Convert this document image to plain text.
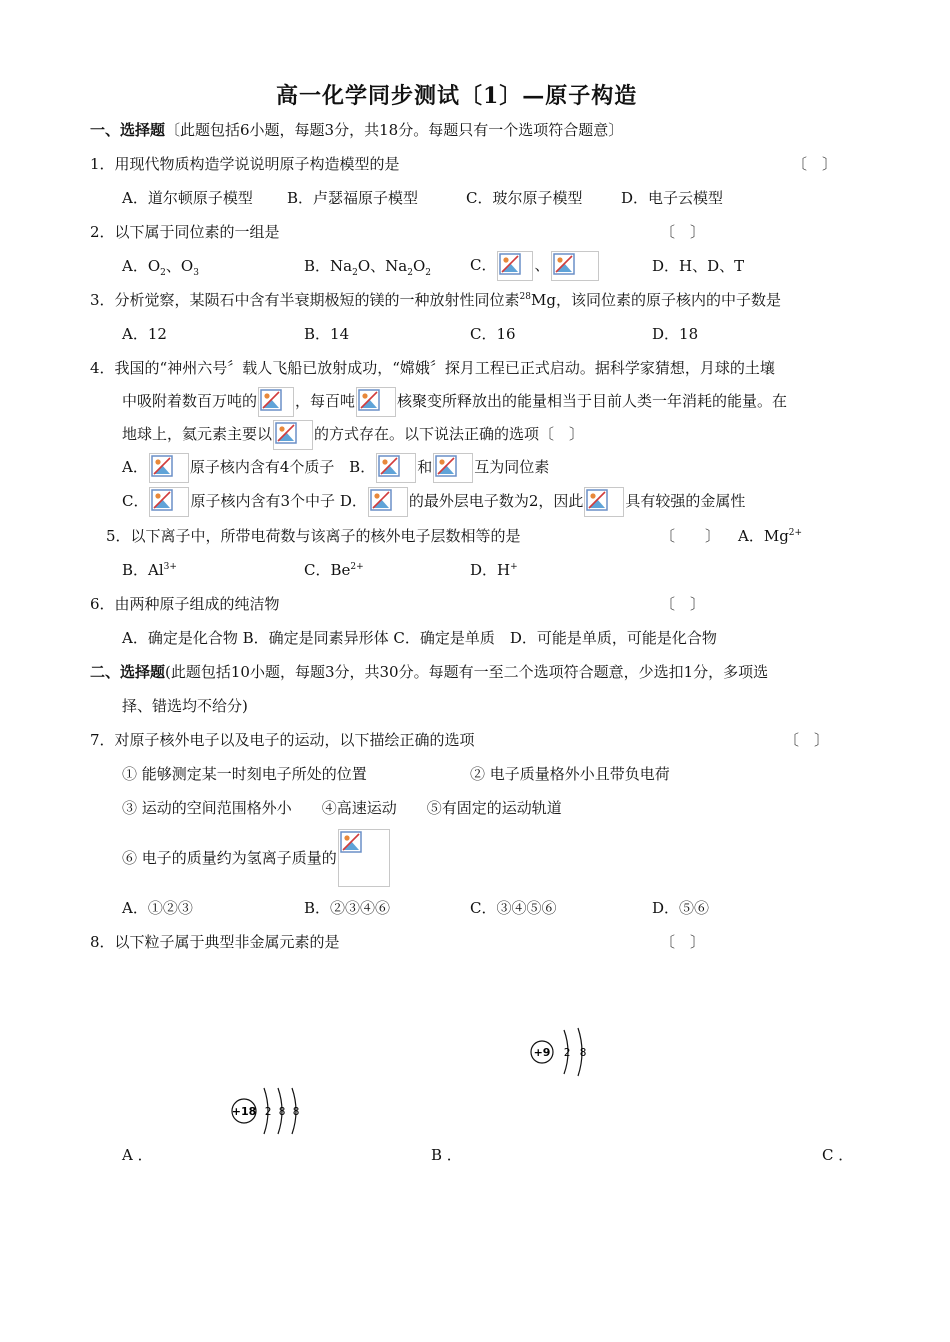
高一化学同步测试〔1〕—原子构造
一、选择题〔此题包括6小题，每题3分，共18分。每题只有一个选项符合题意〕
1．用现代物质构造学说说明原子构造模型的是	〔　〕
A．道尔顿原子模型 B．卢瑟福原子模型	C．玻尔原子模型	D．电子云模型
2．以下属于同位素的一组是	〔　〕
A．$O_2$、$O_3$	B．$Na_2O$、$Na_2O_2$	C．	、	D．H、D、T
3．分析觉察，某陨石中含有半衰期极短的镁的一种放射性同位素$^{28}$Mg，该同位素的原子核内的中子数是
A．12	B．14	C．16	D．18
4．我国的“神州六号〞载人飞船已放射成功，“嫦娥〞探月工程已正式启动。据科学家猜想，月球的土壤
中吸附着数百万吨的	，每百吨	核聚变所释放出的能量相当于目前人类一年消耗的能量。在
地球上，氦元素主要以	的方式存在。以下说法正确的选项〔　〕
A．	原子核内含有4个质子 B．	和	互为同位素
C．	原子核内含有3个中子 D．	的最外层电子数为2，因此	具有较强的金属性
5．以下离子中，所带电荷数与该离子的核外电子层数相等的是	〔　　〕 A．$Mg^{2+}$
B．$Al^{3+}$	C．$Be^{2+}$	D．H+
6．由两种原子组成的纯洁物	〔　〕
A．确定是化合物 B．确定是同素异形体 C．确定是单质　D．可能是单质，可能是化合物
二、选择题(此题包括10小题，每题3分，共30分。每题有一至二个选项符合题意，少选扣1分，多项选
择、错选均不给分)
7．对原子核外电子以及电子的运动，以下描绘正确的选项	〔　〕
① 能够测定某一时刻电子所处的位置	② 电子质量格外小且带负电荷
③ 运动的空间范围格外小　　④高速运动　　⑤有固定的运动轨道
⑥ 电子的质量约为氢离子质量的
A．①②③	B．②③④⑥	C．③④⑤⑥	D．⑤⑥
8．以下粒子属于典型非金属元素的是	〔　〕
+9 2 8
+18 2 8 8
A ．	B ．	C ．
